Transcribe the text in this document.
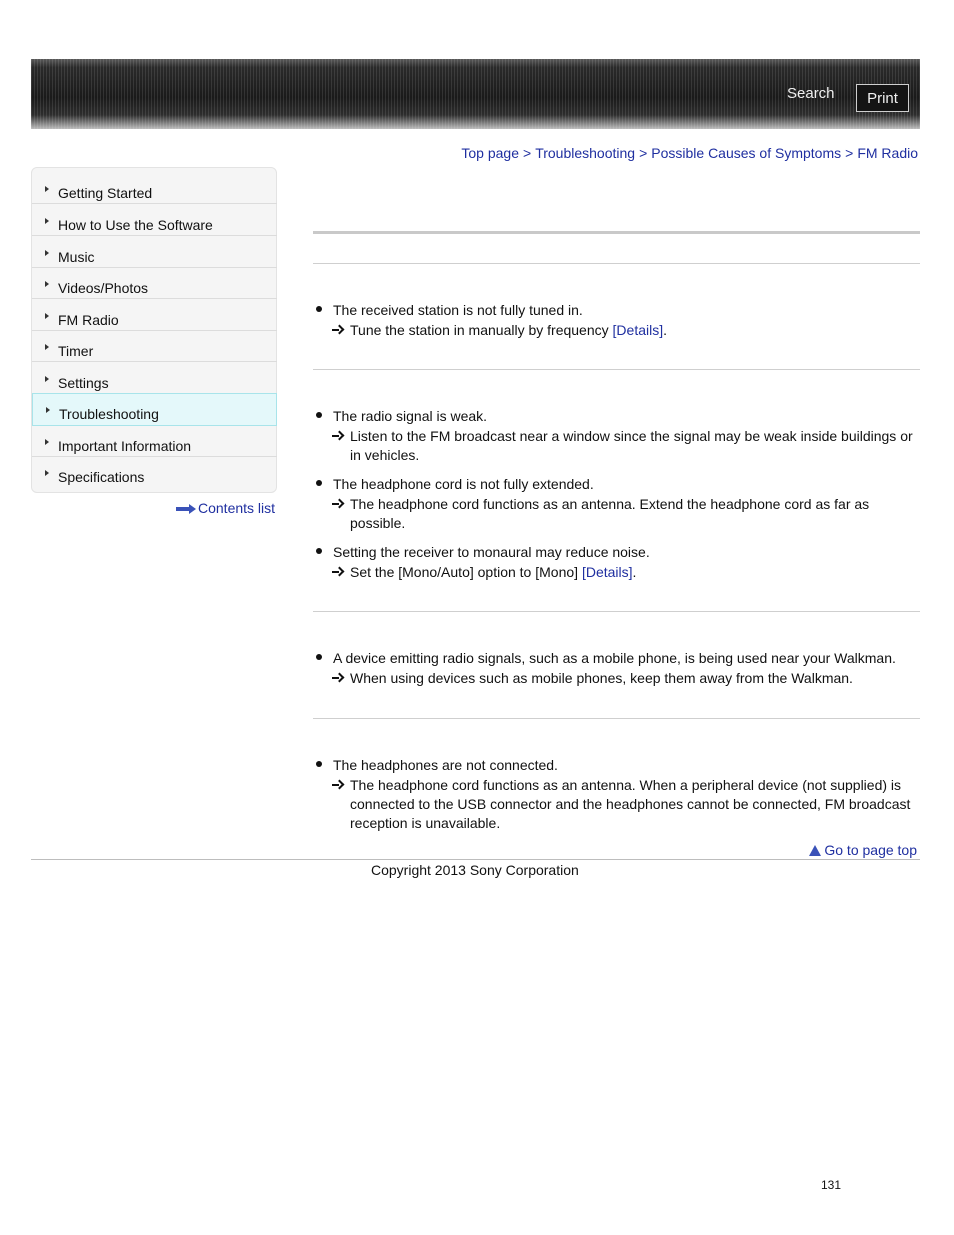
Search	Print
Top page > Troubleshooting > Possible Causes of Symptoms > FM Radio
Getting Started
How to Use the Software
Music
Videos/Photos
FM Radio
Timer
Settings
Troubleshooting
Important Information
Specifications
Contents list
The received station is not fully tuned in.
Tune the station in manually by frequency [Details].
The radio signal is weak.
Listen to the FM broadcast near a window since the signal may be weak inside buildings or in vehicles.
The headphone cord is not fully extended.
The headphone cord functions as an antenna. Extend the headphone cord as far as possible.
Setting the receiver to monaural may reduce noise.
Set the [Mono/Auto] option to [Mono] [Details].
A device emitting radio signals, such as a mobile phone, is being used near your Walkman.
When using devices such as mobile phones, keep them away from the Walkman.
The headphones are not connected.
The headphone cord functions as an antenna. When a peripheral device (not supplied) is connected to the USB connector and the headphones cannot be connected, FM broadcast reception is unavailable.
Go to page top
Copyright 2013 Sony Corporation
131
